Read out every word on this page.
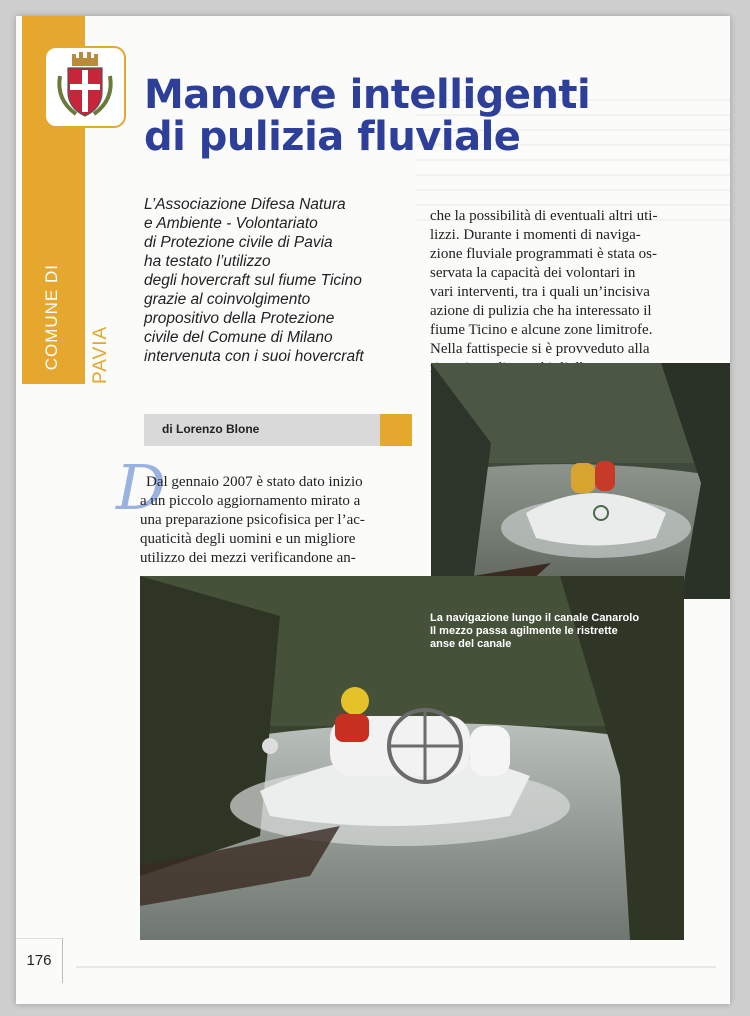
COMUNE DI PAVIA
Manovre intelligenti
di pulizia fluviale
L’Associazione Difesa Natura
e Ambiente - Volontariato
di Protezione civile di Pavia
ha testato l’utilizzo
degli hovercraft sul fiume Ticino
grazie al coinvolgimento
propositivo della Protezione
civile del Comune di Milano
intervenuta con i suoi hovercraft
di Lorenzo Blone
D
Dal gennaio 2007 è stato dato inizio
a un piccolo aggiornamento mirato a
una preparazione psicofisica per l’ac-
quaticità degli uomini e un migliore
utilizzo dei mezzi verificandone an-
che la possibilità di eventuali altri uti-
lizzi. Durante i momenti di naviga-
zione fluviale programmati è stata os-
servata la capacità dei volontari in
vari interventi, tra i quali un’incisiva
azione di pulizia che ha interessato il
fiume Ticino e alcune zone limitrofe.
Nella fattispecie si è provveduto alla
La navigazione lungo il canale Canarolo
Il mezzo passa agilmente le ristrette
anse del canale
176
